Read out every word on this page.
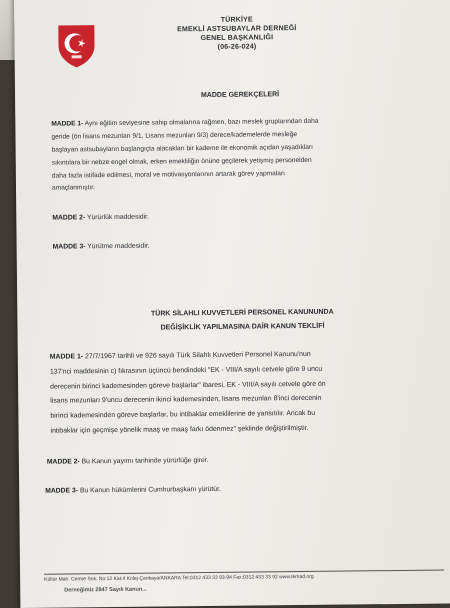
TÜRKİYE
EMEKLİ ASTSUBAYLAR DERNEĞİ
GENEL BAŞKANLIĞI
(06-26-024)
MADDE GEREKÇELERİ
MADDE 1- Aynı eğitim seviyesine sahip olmalarına rağmen, bazı meslek gruplarından daha
geride (ön lisans mezunları 9/1, Lisans mezunları 9/3) derece/kademelerde mesleğe
başlayan astsubayların başlangıçta alacakları bir kademe ile ekonomik açıdan yaşadıkları
sıkıntılara bir nebze engel olmak, erken emekliliğin önüne geçilerek yetişmiş personelden
daha fazla istifade edilmesi, moral ve motivasyonlarının artarak görev yapmaları
amaçlanmıştır.
MADDE 2- Yürürlük maddesidir.
MADDE 3- Yürütme maddesidir.
TÜRK SİLAHLI KUVVETLERİ PERSONEL KANUNUNDA
DEĞİŞİKLİK YAPILMASINA DAİR KANUN TEKLİFİ
MADDE 1- 27/7/1967 tarihli ve 926 sayılı Türk Silahlı Kuvvetleri Personel Kanunu'nun
137'nci maddesinin c) fıkrasının üçüncü bendindeki "EK - VIII/A sayılı cetvele göre 9 uncu
derecenin birinci kademesinden göreve başlarlar" ibaresi, EK - VIII/A sayılı cetvele göre ön
lisans mezunları 9'uncu derecenin ikinci kademesinden, lisans mezunları 8'inci derecenin
birinci kademesinden göreve başlarlar, bu intibaklar emeklilerine de yansıtılır. Ancak bu
intibaklar için geçmişe yönelik maaş ve maaş farkı ödenmez" şeklinde değiştirilmiştir.
MADDE 2- Bu Kanun yayımı tarihinde yürürlüğe girer.
MADDE 3- Bu Kanun hükümlerini Cumhurbaşkanı yürütür.
Kültür Mah. Cemre Sok. No:12 Kat:4 Kolej-Çankaya/ANKARA Tel:0312 433 33 93-94 Fax:0312 433 33 92 www.temad.org
Derneğimiz 2847 Sayılı Kanun...
